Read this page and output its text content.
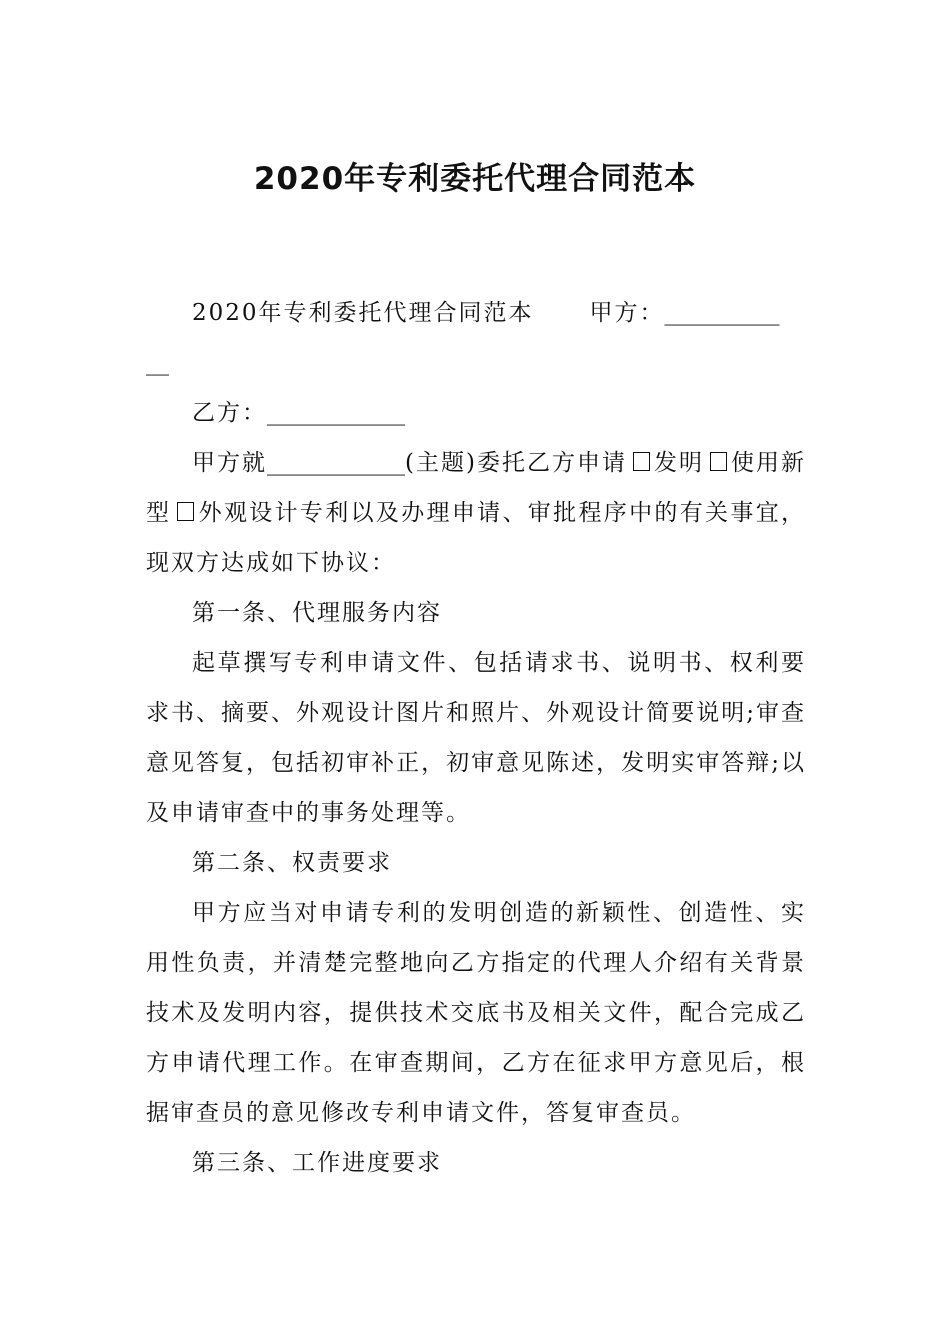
2020年专利委托代理合同范本

2020年专利委托代理合同范本 甲方：__________

__

乙方：____________

甲方就____________(主题)委托乙方申请 发明 使用新型 外观设计专利以及办理申请、审批程序中的有关事宜，现双方达成如下协议：

第一条、代理服务内容

起草撰写专利申请文件、包括请求书、说明书、权利要求书、摘要、外观设计图片和照片、外观设计简要说明;审查意见答复，包括初审补正，初审意见陈述，发明实审答辩;以及申请审查中的事务处理等。

第二条、权责要求

甲方应当对申请专利的发明创造的新颖性、创造性、实用性负责，并清楚完整地向乙方指定的代理人介绍有关背景技术及发明内容，提供技术交底书及相关文件，配合完成乙方申请代理工作。在审查期间，乙方在征求甲方意见后，根据审查员的意见修改专利申请文件，答复审查员。

第三条、工作进度要求
